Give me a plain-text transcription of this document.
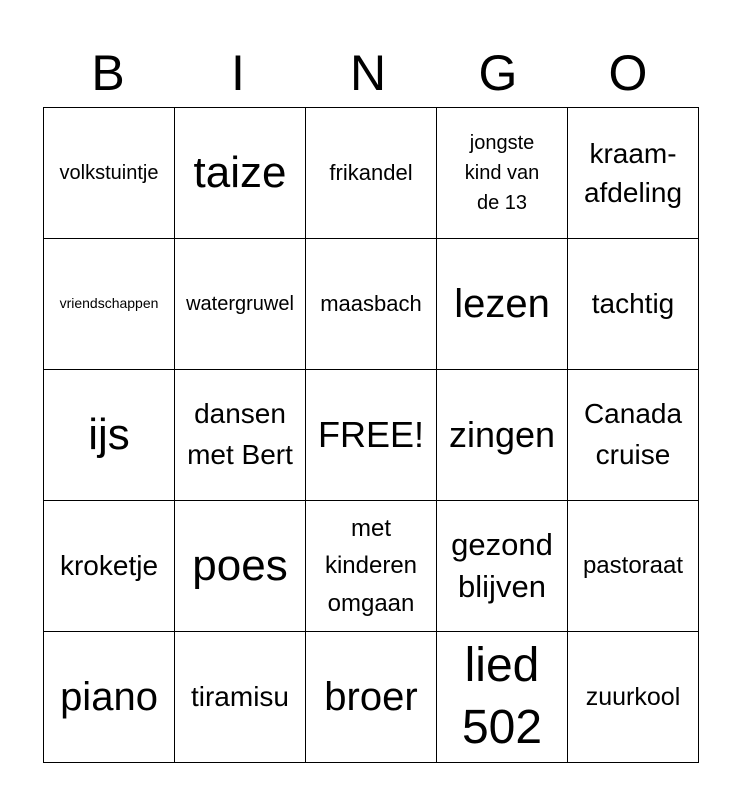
B	I	N	G	O
volkstuintje	taize	frikandel	jongste kind van de 13	kraam- afdeling
vriendschappen	watergruwel	maasbach	lezen	tachtig
ijs	dansen met Bert	FREE!	zingen	Canada cruise
kroketje	poes	met kinderen omgaan	gezond blijven	pastoraat
piano	tiramisu	broer	lied 502	zuurkool
